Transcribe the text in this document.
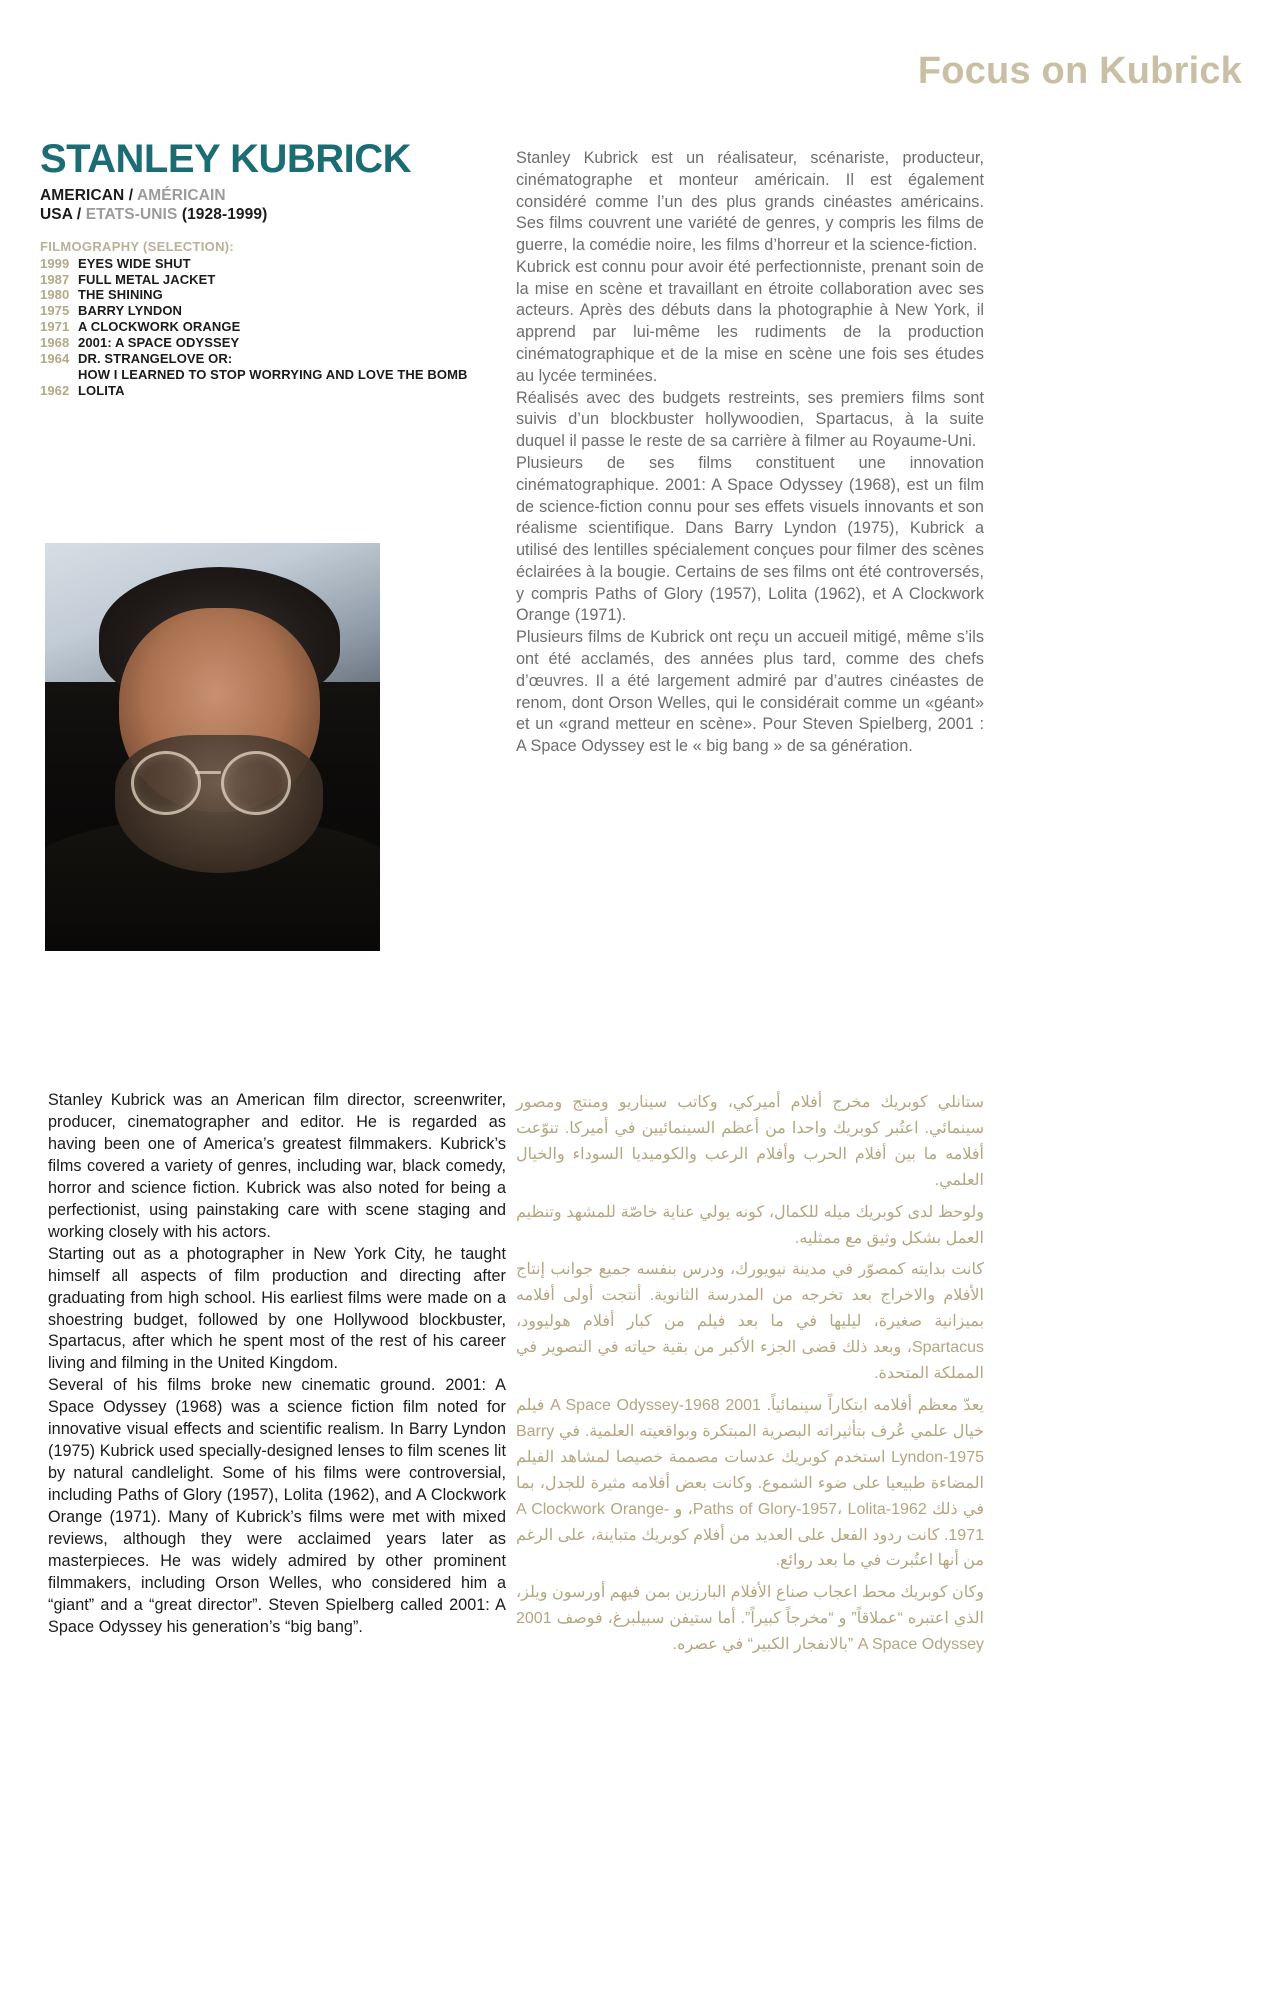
Focus on Kubrick
STANLEY KUBRICK
AMERICAN / AMÉRICAIN
USA / ETATS-UNIS (1928-1999)
FILMOGRAPHY (SELECTION):
1999 EYES WIDE SHUT
1987 FULL METAL JACKET
1980 THE SHINING
1975 BARRY LYNDON
1971 A CLOCKWORK ORANGE
1968 2001: A SPACE ODYSSEY
1964 DR. STRANGELOVE OR:
HOW I LEARNED TO STOP WORRYING AND LOVE THE BOMB
1962 LOLITA

Stanley Kubrick est un réalisateur, scénariste, producteur, cinématographe et monteur américain. Il est également considéré comme l’un des plus grands cinéastes américains. Ses films couvrent une variété de genres, y compris les films de guerre, la comédie noire, les films d’horreur et la science-fiction.

Kubrick est connu pour avoir été perfectionniste, prenant soin de la mise en scène et travaillant en étroite collaboration avec ses acteurs. Après des débuts dans la photographie à New York, il apprend par lui-même les rudiments de la production cinématographique et de la mise en scène une fois ses études au lycée terminées.

Réalisés avec des budgets restreints, ses premiers films sont suivis d’un blockbuster hollywoodien, Spartacus, à la suite duquel il passe le reste de sa carrière à filmer au Royaume-Uni.

Plusieurs de ses films constituent une innovation cinématographique. 2001: A Space Odyssey (1968), est un film de science-fiction connu pour ses effets visuels innovants et son réalisme scientifique. Dans Barry Lyndon (1975), Kubrick a utilisé des lentilles spécialement conçues pour filmer des scènes éclairées à la bougie. Certains de ses films ont été controversés, y compris Paths of Glory (1957), Lolita (1962), et A Clockwork Orange (1971).

Plusieurs films de Kubrick ont reçu un accueil mitigé, même s’ils ont été acclamés, des années plus tard, comme des chefs d’œuvres. Il a été largement admiré par d’autres cinéastes de renom, dont Orson Welles, qui le considérait comme un «géant» et un «grand metteur en scène». Pour Steven Spielberg, 2001 : A Space Odyssey est le « big bang » de sa génération.

Stanley Kubrick was an American film director, screenwriter, producer, cinematographer and editor. He is regarded as having been one of America’s greatest filmmakers. Kubrick’s films covered a variety of genres, including war, black comedy, horror and science fiction. Kubrick was also noted for being a perfectionist, using painstaking care with scene staging and working closely with his actors.

Starting out as a photographer in New York City, he taught himself all aspects of film production and directing after graduating from high school. His earliest films were made on a shoestring budget, followed by one Hollywood blockbuster, Spartacus, after which he spent most of the rest of his career living and filming in the United Kingdom.

Several of his films broke new cinematic ground. 2001: A Space Odyssey (1968) was a science fiction film noted for innovative visual effects and scientific realism. In Barry Lyndon (1975) Kubrick used specially-designed lenses to film scenes lit by natural candlelight. Some of his films were controversial, including Paths of Glory (1957), Lolita (1962), and A Clockwork Orange (1971). Many of Kubrick’s films were met with mixed reviews, although they were acclaimed years later as masterpieces. He was widely admired by other prominent filmmakers, including Orson Welles, who considered him a “giant” and a “great director”. Steven Spielberg called 2001: A Space Odyssey his generation’s “big bang”.

ستانلي كوبريك مخرج أفلام أميركي، وكاتب سيناريو ومنتج ومصور سينمائي. اعتُبر كوبريك واحدا من أعظم السينمائيين في أميركا. تنوّعت أفلامه ما بين أفلام الحرب وأفلام الرعب والكوميديا السوداء والخيال العلمي.

ولوحظ لدى كوبريك ميله للكمال، كونه يولي عناية خاصّة للمشهد وتنظيم العمل بشكل وثيق مع ممثليه.

كانت بدايته كمصوّر في مدينة نيويورك، ودرس بنفسه جميع جوانب إنتاج الأفلام والاخراج بعد تخرجه من المدرسة الثانوية. أنتجت أولى أفلامه بميزانية صغيرة، ليليها في ما بعد فيلم من كبار أفلام هوليوود، Spartacus، وبعد ذلك قضى الجزء الأكبر من بقية حياته في التصوير في المملكة المتحدة.

يعدّ معظم أفلامه ابتكاراً سينمائياً. 2001 A Space Odyssey-1968 فيلم خيال علمي عُرف بتأثيراته البصرية المبتكرة وبواقعيته العلمية. في Barry Lyndon-1975 استخدم كوبريك عدسات مصممة خصيصا لمشاهد الفيلم المضاءة طبيعيا على ضوء الشموع. وكانت بعض أفلامه مثيرة للجدل، بما في ذلك Paths of Glory-1957، Lolita-1962، و A Clockwork Orange-1971. كانت ردود الفعل على العديد من أفلام كوبريك متباينة، على الرغم من أنها اعتُبرت في ما بعد روائع.

وكان كوبريك محط اعجاب صناع الأفلام البارزين بمن فيهم أورسون ويلز، الذي اعتبره “عملاقاً” و “مخرجاً كبيراً”. أما ستيفن سبيلبرغ، فوصف 2001 A Space Odyssey ”بالانفجار الكبير“ في عصره.
